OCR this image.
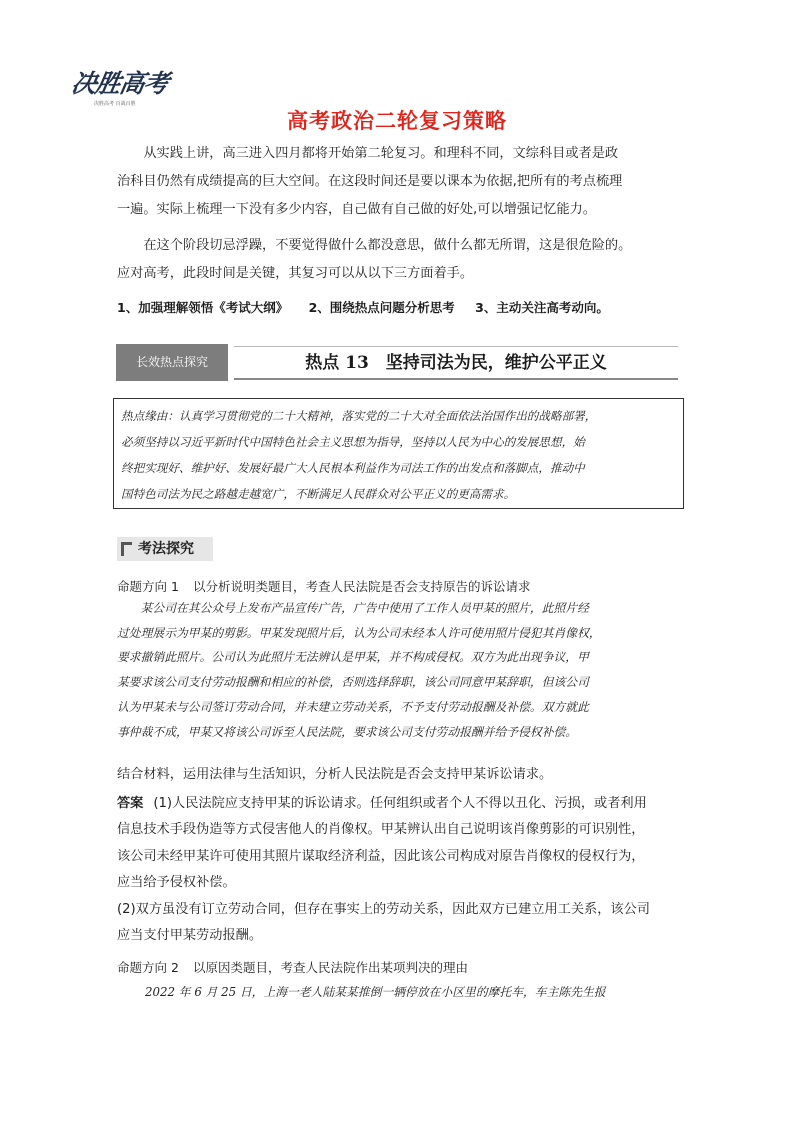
决胜高考
决胜高考 百战百胜
高考政治二轮复习策略
　　从实践上讲，高三进入四月都将开始第二轮复习。和理科不同，文综科目或者是政
治科目仍然有成绩提高的巨大空间。在这段时间还是要以课本为依据,把所有的考点梳理
一遍。实际上梳理一下没有多少内容，自己做有自己做的好处,可以增强记忆能力。
　　在这个阶段切忌浮躁，不要觉得做什么都没意思，做什么都无所谓，这是很危险的。
应对高考，此段时间是关键，其复习可以从以下三方面着手。
1、加强理解领悟《考试大纲》 2、围绕热点问题分析思考 3、主动关注高考动向。
长效热点探究	热点 13　坚持司法为民，维护公平正义
热点缘由：认真学习贯彻党的二十大精神，落实党的二十大对全面依法治国作出的战略部署，
必须坚持以习近平新时代中国特色社会主义思想为指导，坚持以人民为中心的发展思想，始
终把实现好、维护好、发展好最广大人民根本利益作为司法工作的出发点和落脚点，推动中
国特色司法为民之路越走越宽广，不断满足人民群众对公平正义的更高需求。
考法探究
命题方向 1 以分析说明类题目，考查人民法院是否会支持原告的诉讼请求
　　某公司在其公众号上发布产品宣传广告，广告中使用了工作人员甲某的照片，此照片经
过处理展示为甲某的剪影。甲某发现照片后，认为公司未经本人许可使用照片侵犯其肖像权，
要求撤销此照片。公司认为此照片无法辨认是甲某，并不构成侵权。双方为此出现争议，甲
某要求该公司支付劳动报酬和相应的补偿，否则选择辞职，该公司同意甲某辞职，但该公司
认为甲某未与公司签订劳动合同，并未建立劳动关系，不予支付劳动报酬及补偿。双方就此
事仲裁不成，甲某又将该公司诉至人民法院，要求该公司支付劳动报酬并给予侵权补偿。
结合材料，运用法律与生活知识，分析人民法院是否会支持甲某诉讼请求。
答案 (1)人民法院应支持甲某的诉讼请求。任何组织或者个人不得以丑化、污损，或者利用
信息技术手段伪造等方式侵害他人的肖像权。甲某辨认出自己说明该肖像剪影的可识别性，
该公司未经甲某许可使用其照片谋取经济利益，因此该公司构成对原告肖像权的侵权行为，
应当给予侵权补偿。
(2)双方虽没有订立劳动合同，但存在事实上的劳动关系，因此双方已建立用工关系，该公司
应当支付甲某劳动报酬。
命题方向 2 以原因类题目，考查人民法院作出某项判决的理由
2022 年 6 月 25 日，上海一老人陆某某推倒一辆停放在小区里的摩托车，车主陈先生报
